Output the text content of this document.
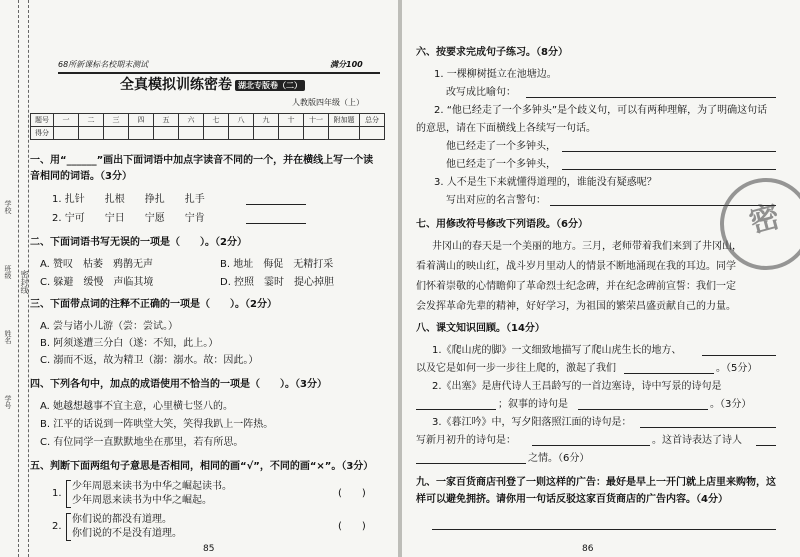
学校
班级
姓名
学号
密封线
68所新课标名校期末测试	满分100
全真模拟训练密卷 湖北专版卷（二）
人教版四年级（上）
题号	一	二	三	四	五	六	七	八	九	十	十一	附加题	总分
得分													
一、用“______”画出下面词语中加点字读音不同的一个，并在横线上写一个读
音相同的词语。（3分）
1. 扎针　　扎根　　挣扎　　扎手
2. 宁可　　宁日　　宁愿　　宁肯
二、下面词语书写无误的一项是（　　）。（2分）
A. 赞叹　枯萎　鸦鹊无声	B. 地址　侮促　无精打采
C. 躲避　缓慢　声临其境	D. 控照　霎时　提心掉胆
三、下面带点词的注释不正确的一项是（　　）。（2分）
A. 尝与诸小儿游（尝：尝试。）
B. 阿须遂遭三分白（遂：不知，此上。）
C. 溺而不返，故为精卫（溺：溺水。故：因此。）
四、下列各句中，加点的成语使用不恰当的一项是（　　）。（3分）
A. 她越想越事不宜主意，心里横七竖八的。
B. 江平的话说到一阵哄堂大笑，笑得我趴上一阵热。
C. 有位同学一直默默地坐在那里，若有所思。
五、判断下面两组句子意思是否相同，相同的画“√”，不同的画“×”。（3分）
1.
少年周恩来读书为中华之崛起读书。
少年周恩来读书为中华之崛起。
(　　)
2.
你们说的都没有道理。
你们说的不是没有道理。
(　　)
85
六、按要求完成句子练习。（8分）
1. 一棵柳树挺立在池塘边。
改写成比喻句：
2. “他已经走了一个多钟头”是个歧义句，可以有两种理解，为了明确这句话
的意思，请在下面横线上各续写一句话。
他已经走了一个多钟头，
他已经走了一个多钟头，
3. 人不是生下来就懂得道理的，谁能没有疑惑呢？
写出对应的名言警句：
七、用修改符号修改下列语段。（6分）
井冈山的春天是一个美丽的地方。三月，老师带着我们来到了井冈山，
看着满山的映山红，战斗岁月里动人的情景不断地涌现在我的耳边。同学
们怀着崇敬的心情瞻仰了革命烈士纪念碑，并在纪念碑前宣誓：我们一定
会发挥革命先辈的精神，好好学习，为祖国的繁荣昌盛贡献自己的力量。
八、课文知识回顾。（14分）
1.《爬山虎的脚》一文细致地描写了爬山虎生长的地方、
以及它是如何一步一步往上爬的，激起了我们	。（5分）
2.《出塞》是唐代诗人王昌龄写的一首边塞诗，诗中写景的诗句是
；叙事的诗句是	。（3分）
3.《暮江吟》中，写夕阳落照江面的诗句是：
写新月初升的诗句是：	。这首诗表达了诗人
之情。（6分）
九、一家百货商店刊登了一则这样的广告：最好是早上一开门就上店里来购物，这
样可以避免拥挤。请你用一句话反驳这家百货商店的广告内容。（4分）
86
密
